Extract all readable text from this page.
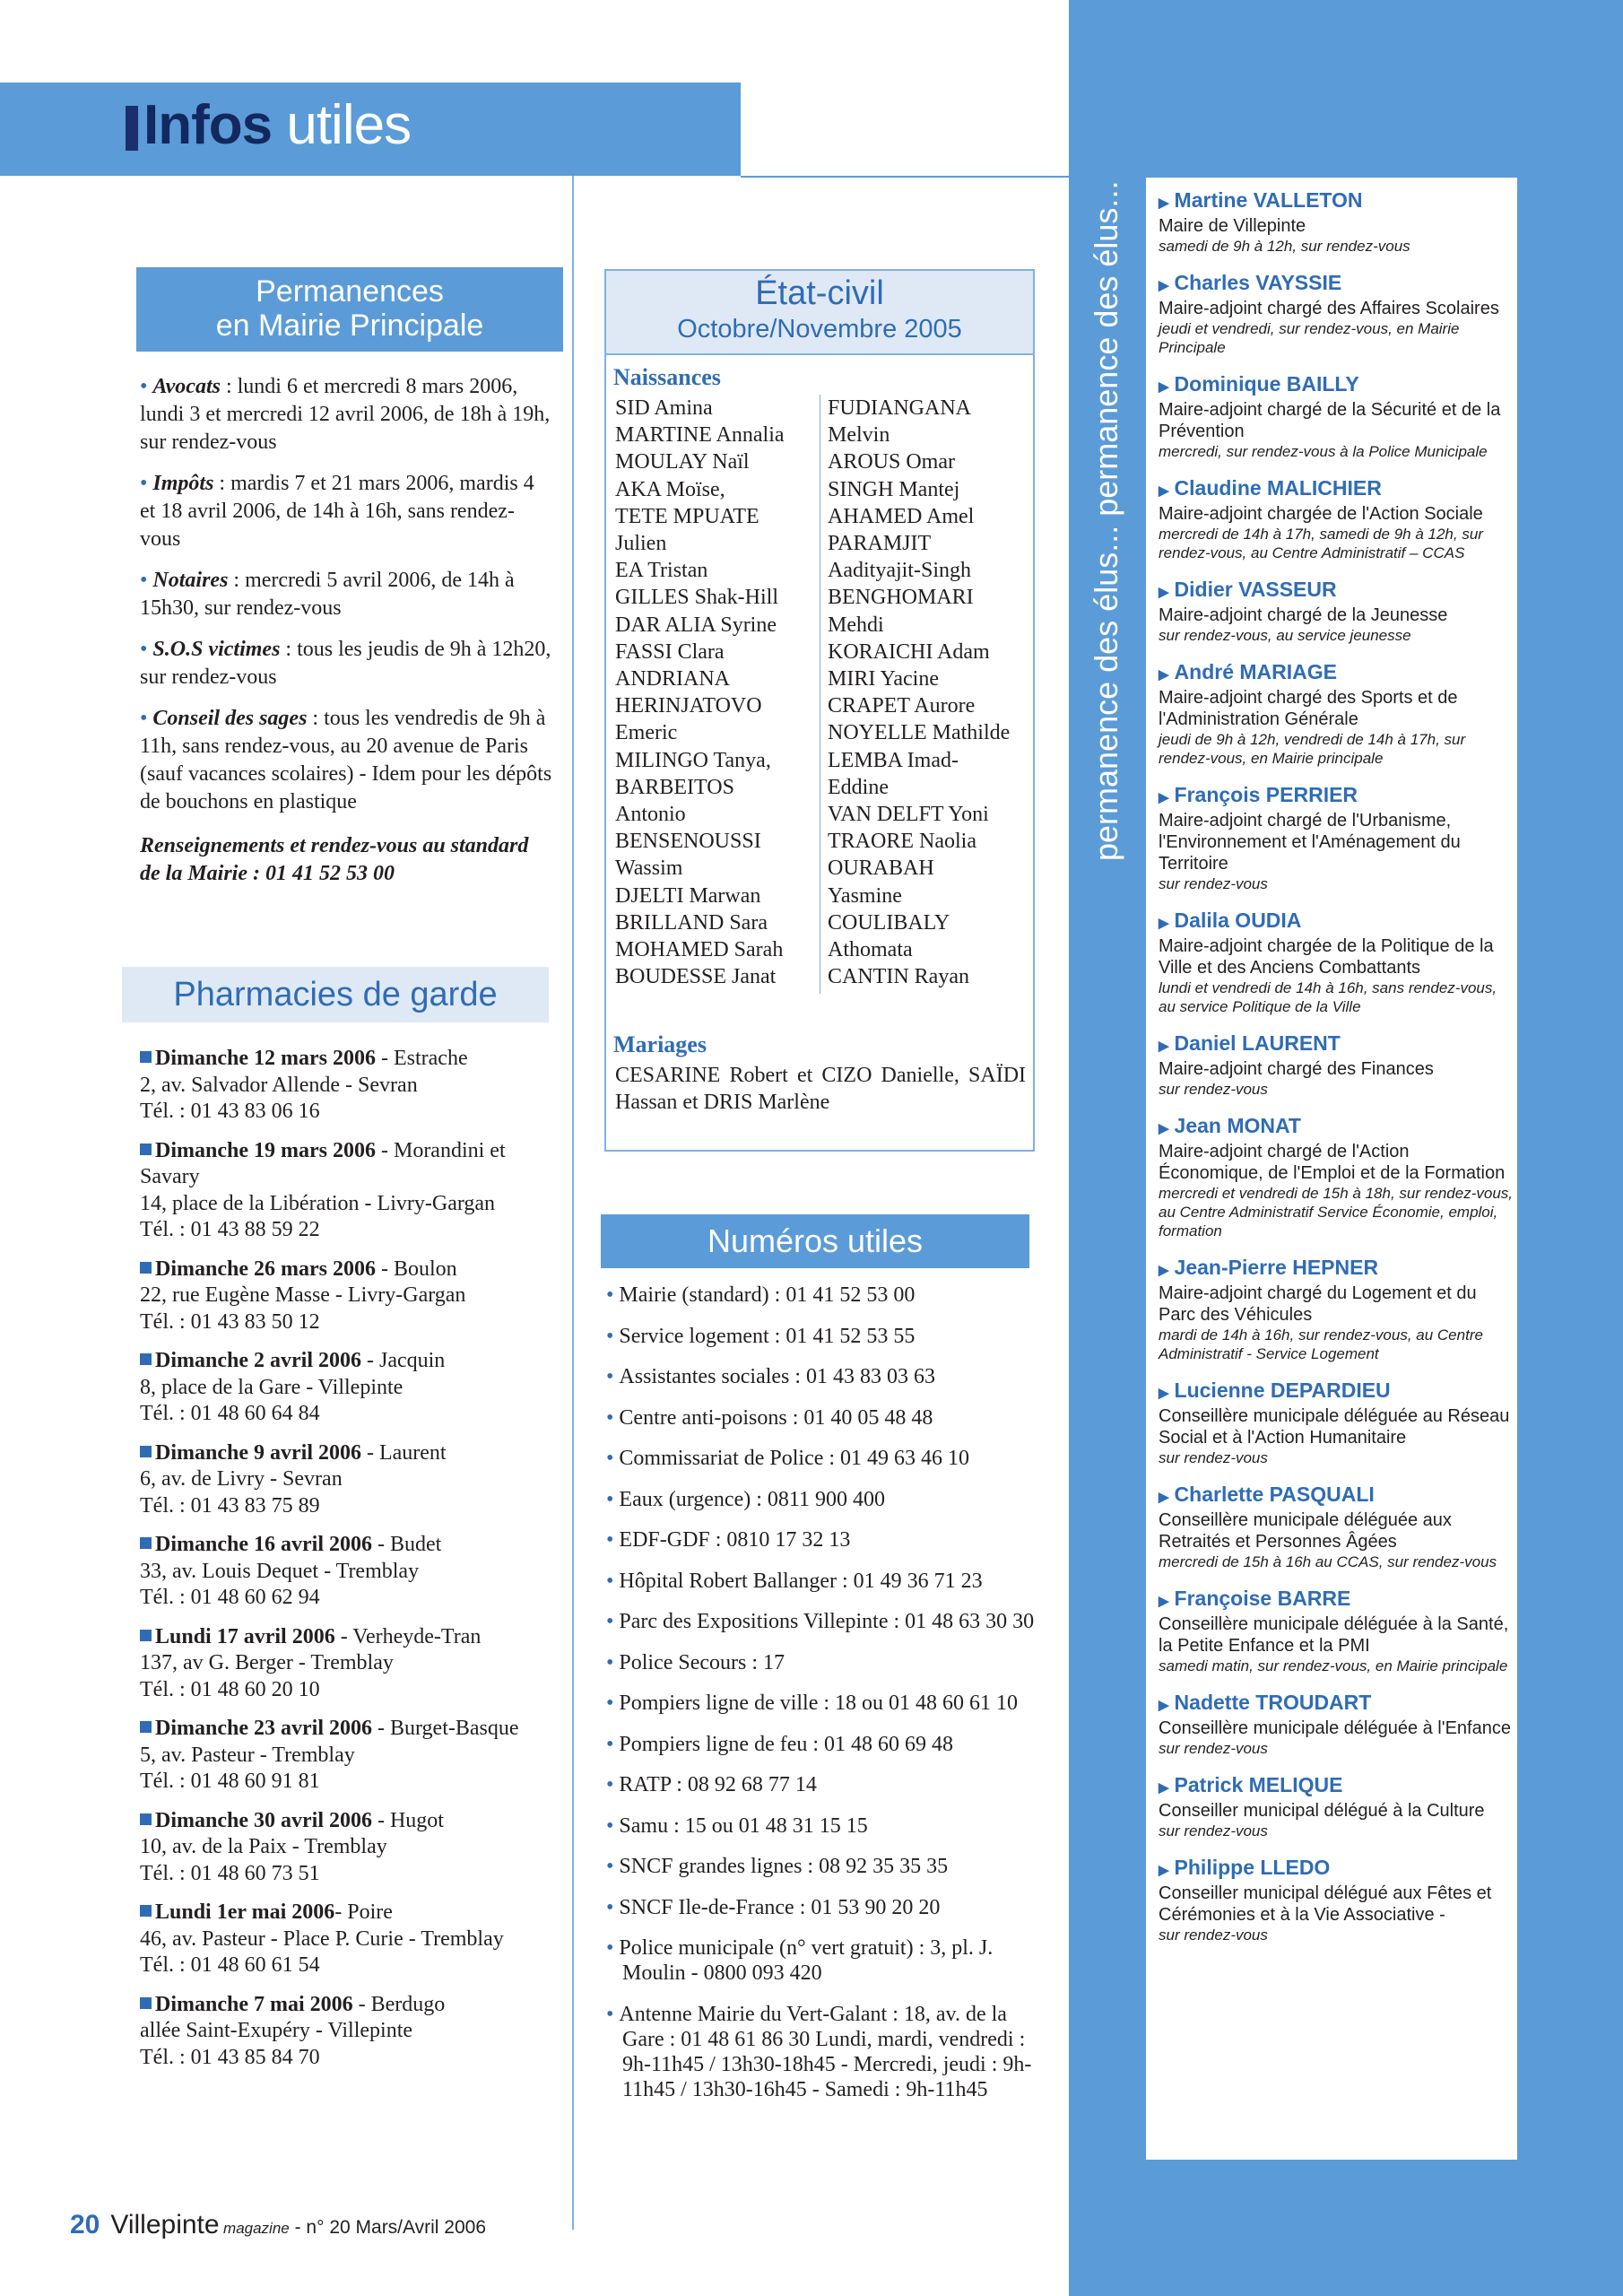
Infos utiles
permanence des élus... permanence des élus...	▶ Martine VALLETON
Maire de Villepinte
samedi de 9h à 12h, sur rendez-vous
▶ Charles VAYSSIE
Maire-adjoint chargé des Affaires Scolaires
jeudi et vendredi, sur rendez-vous, en Mairie Principale
▶ Dominique BAILLY
Maire-adjoint chargé de la Sécurité et de la Prévention
mercredi, sur rendez-vous à la Police Municipale
▶ Claudine MALICHIER
Maire-adjoint chargée de l'Action Sociale
mercredi de 14h à 17h, samedi de 9h à 12h, sur rendez-vous, au Centre Administratif – CCAS
▶ Didier VASSEUR
Maire-adjoint chargé de la Jeunesse
sur rendez-vous, au service jeunesse
▶ André MARIAGE
Maire-adjoint chargé des Sports et de l'Administration Générale
jeudi de 9h à 12h, vendredi de 14h à 17h, sur rendez-vous, en Mairie principale
▶ François PERRIER
Maire-adjoint chargé de l'Urbanisme, l'Environnement et l'Aménagement du Territoire
sur rendez-vous
▶ Dalila OUDIA
Maire-adjoint chargée de la Politique de la Ville et des Anciens Combattants
lundi et vendredi de 14h à 16h, sans rendez-vous, au service Politique de la Ville
▶ Daniel LAURENT
Maire-adjoint chargé des Finances
sur rendez-vous
▶ Jean MONAT
Maire-adjoint chargé de l'Action Économique, de l'Emploi et de la Formation
mercredi et vendredi de 15h à 18h, sur rendez-vous, au Centre Administratif Service Économie, emploi, formation
▶ Jean-Pierre HEPNER
Maire-adjoint chargé du Logement et du Parc des Véhicules
mardi de 14h à 16h, sur rendez-vous, au Centre Administratif - Service Logement
▶ Lucienne DEPARDIEU
Conseillère municipale déléguée au Réseau Social et à l'Action Humanitaire
sur rendez-vous
▶ Charlette PASQUALI
Conseillère municipale déléguée aux Retraités et Personnes Âgées
mercredi de 15h à 16h au CCAS, sur rendez-vous
▶ Françoise BARRE
Conseillère municipale déléguée à la Santé, la Petite Enfance et la PMI
samedi matin, sur rendez-vous, en Mairie principale
▶ Nadette TROUDART
Conseillère municipale déléguée à l'Enfance
sur rendez-vous
▶ Patrick MELIQUE
Conseiller municipal délégué à la Culture
sur rendez-vous
▶ Philippe LLEDO
Conseiller municipal délégué aux Fêtes et Cérémonies et à la Vie Associative -
sur rendez-vous
Permanences
en Mairie Principale

• Avocats : lundi 6 et mercredi 8 mars 2006, lundi 3 et mercredi 12 avril 2006, de 18h à 19h, sur rendez-vous

• Impôts : mardis 7 et 21 mars 2006, mardis 4 et 18 avril 2006, de 14h à 16h, sans rendez-vous

• Notaires : mercredi 5 avril 2006, de 14h à 15h30, sur rendez-vous

• S.O.S victimes : tous les jeudis de 9h à 12h20, sur rendez-vous

• Conseil des sages : tous les vendredis de 9h à 11h, sans rendez-vous, au 20 avenue de Paris (sauf vacances scolaires) - Idem pour les dépôts de bouchons en plastique

Renseignements et rendez-vous au standard de la Mairie : 01 41 52 53 00
Pharmacies de garde
Dimanche 12 mars 2006 - Estrache
2, av. Salvador Allende - Sevran
Tél. : 01 43 83 06 16
Dimanche 19 mars 2006 - Morandini et Savary
14, place de la Libération - Livry-Gargan
Tél. : 01 43 88 59 22
Dimanche 26 mars 2006 - Boulon
22, rue Eugène Masse - Livry-Gargan
Tél. : 01 43 83 50 12
Dimanche 2 avril 2006 - Jacquin
8, place de la Gare - Villepinte
Tél. : 01 48 60 64 84
Dimanche 9 avril 2006 - Laurent
6, av. de Livry - Sevran
Tél. : 01 43 83 75 89
Dimanche 16 avril 2006 - Budet
33, av. Louis Dequet - Tremblay
Tél. : 01 48 60 62 94
Lundi 17 avril 2006 - Verheyde-Tran
137, av G. Berger - Tremblay
Tél. : 01 48 60 20 10
Dimanche 23 avril 2006 - Burget-Basque
5, av. Pasteur - Tremblay
Tél. : 01 48 60 91 81
Dimanche 30 avril 2006 - Hugot
10, av. de la Paix - Tremblay
Tél. : 01 48 60 73 51
Lundi 1er mai 2006- Poire
46, av. Pasteur - Place P. Curie - Tremblay
Tél. : 01 48 60 61 54
Dimanche 7 mai 2006 - Berdugo
allée Saint-Exupéry - Villepinte
Tél. : 01 43 85 84 70
État-civil
Octobre/Novembre 2005
Naissances
SID Amina
MARTINE Annalia
MOULAY Naïl
AKA Moïse,
TETE MPUATE
Julien
EA Tristan
GILLES Shak-Hill
DAR ALIA Syrine
FASSI Clara
ANDRIANA
HERINJATOVO
Emeric
MILINGO Tanya,
BARBEITOS
Antonio
BENSENOUSSI
Wassim
DJELTI Marwan
BRILLAND Sara
MOHAMED Sarah
BOUDESSE Janat
FUDIANGANA
Melvin
AROUS Omar
SINGH Mantej
AHAMED Amel
PARAMJIT
Aadityajit-Singh
BENGHOMARI
Mehdi
KORAICHI Adam
MIRI Yacine
CRAPET Aurore
NOYELLE Mathilde
LEMBA Imad-
Eddine
VAN DELFT Yoni
TRAORE Naolia
OURABAH
Yasmine
COULIBALY
Athomata
CANTIN Rayan
Mariages
CESARINE Robert et CIZO Danielle, SAÏDI Hassan et DRIS Marlène
Numéros utiles
• Mairie (standard) : 01 41 52 53 00
• Service logement : 01 41 52 53 55
• Assistantes sociales : 01 43 83 03 63
• Centre anti-poisons : 01 40 05 48 48
• Commissariat de Police : 01 49 63 46 10
• Eaux (urgence) : 0811 900 400
• EDF-GDF : 0810 17 32 13
• Hôpital Robert Ballanger : 01 49 36 71 23
• Parc des Expositions Villepinte : 01 48 63 30 30
• Police Secours : 17
• Pompiers ligne de ville : 18 ou 01 48 60 61 10
• Pompiers ligne de feu : 01 48 60 69 48
• RATP : 08 92 68 77 14
• Samu : 15 ou 01 48 31 15 15
• SNCF grandes lignes : 08 92 35 35 35
• SNCF Ile-de-France : 01 53 90 20 20
• Police municipale (n° vert gratuit) : 3, pl. J. Moulin - 0800 093 420
• Antenne Mairie du Vert-Galant : 18, av. de la Gare : 01 48 61 86 30 Lundi, mardi, vendredi : 9h-11h45 / 13h30-18h45 - Mercredi, jeudi : 9h-11h45 / 13h30-16h45 - Samedi : 9h-11h45
20 Villepinte magazine - n° 20 Mars/Avril 2006
